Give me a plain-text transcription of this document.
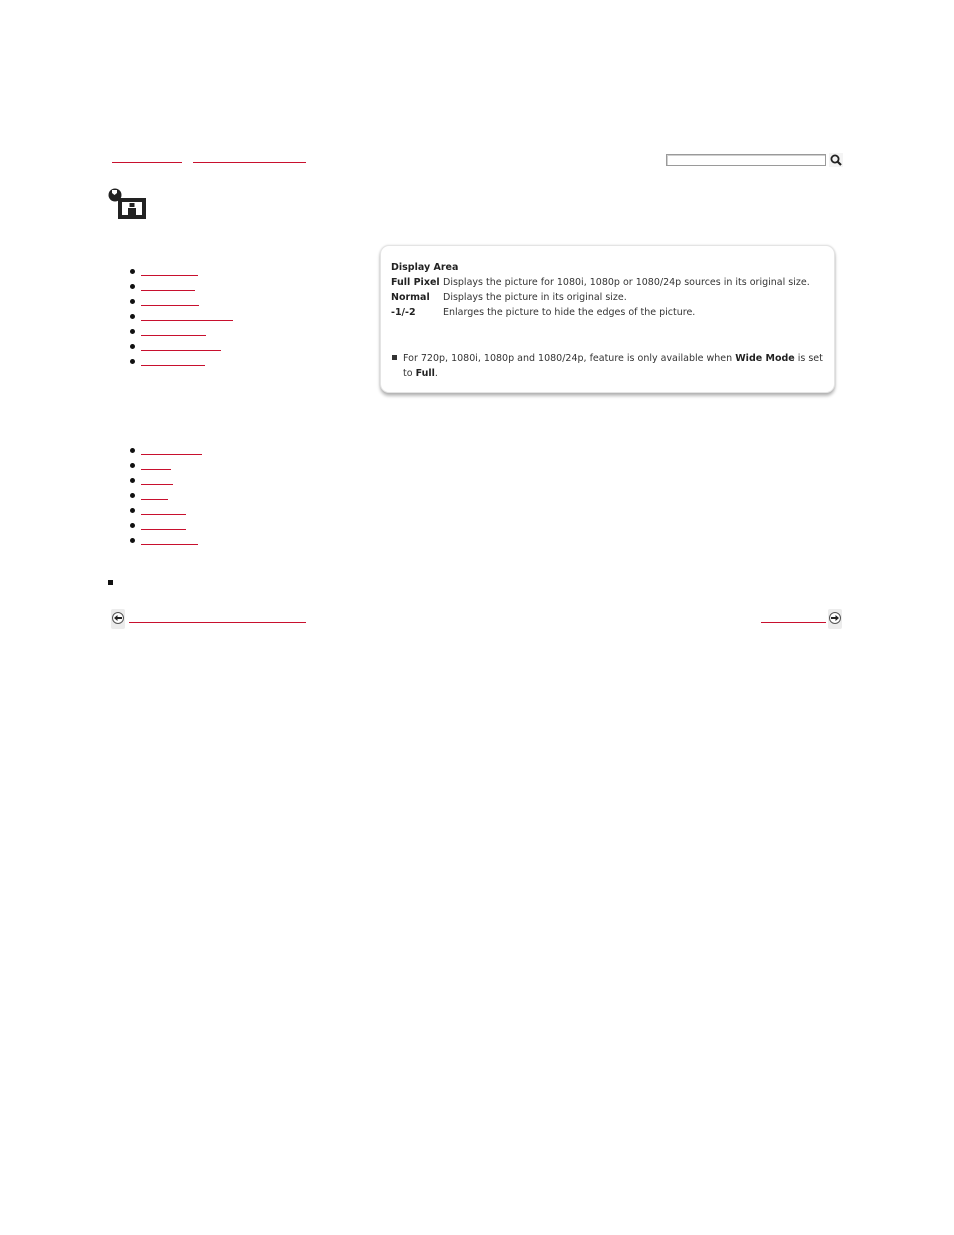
Display Area
Full Pixel Displays the picture for 1080i, 1080p or 1080/24p sources in its original size.
Normal Displays the picture in its original size.
-1/-2	Enlarges the picture to hide the edges of the picture.
For 720p, 1080i, 1080p and 1080/24p, feature is only available when Wide Mode is set to Full.
